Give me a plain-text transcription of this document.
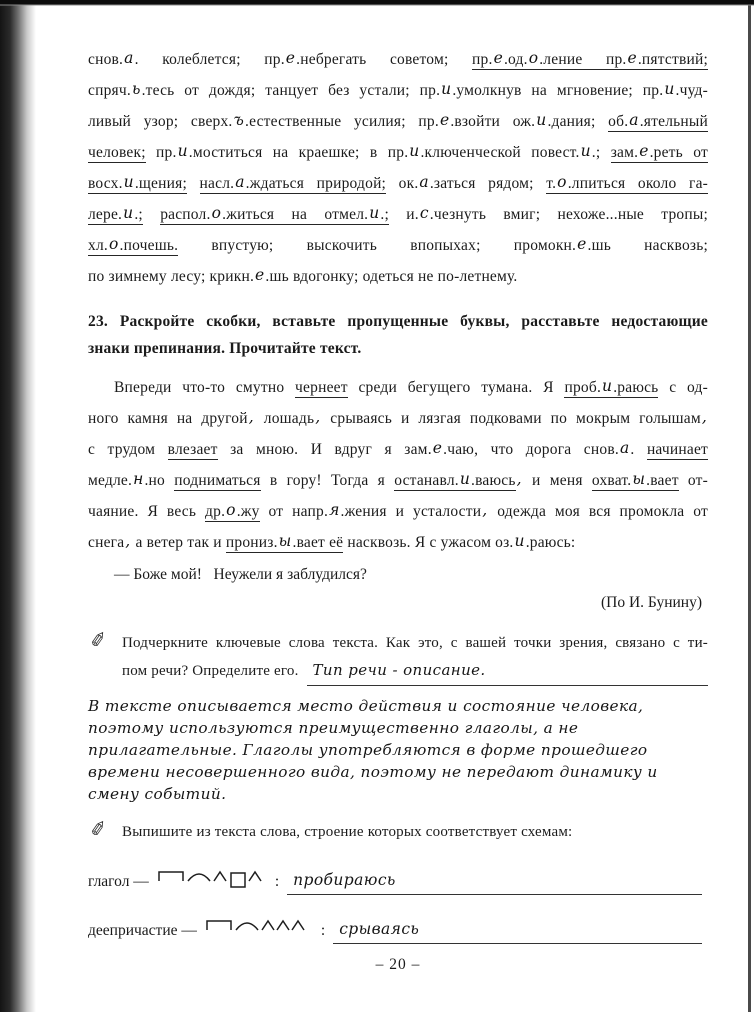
снов.а. колеблется; пр.е.небрегать советом; пр.е.од.о.ление пр.е.пятствий;
спряч.ь.тесь от дождя; танцует без устали; пр.и.умолкнув на мгновение; пр.и.чуд-
ливый узор; сверх.ъ.естественные усилия; пр.е.взойти ож.и.дания; об.а.ятельный
человек; пр.и.моститься на краешке; в пр.и.ключенческой повест.и.; зам.е.реть от
восх.и.щения; насл.а.ждаться природой; ок.а.заться рядом; т.о.лпиться около га-
лере.и.; распол.о.житься на отмел.и.; и.с.чезнуть вмиг; нехоже...ные тропы;
хл.о.почешь. впустую; выскочить впопыхах; промокн.е.шь насквозь;
по зимнему лесу; крикн.е.шь вдогонку; одеться не по-летнему.
23. Раскройте скобки, вставьте пропущенные буквы, расставьте недостающие
знаки препинания. Прочитайте текст.
Впереди что-то смутно чернеет среди бегущего тумана. Я проб.и.раюсь с од-
ного камня на другой, лошадь, срываясь и лязгая подковами по мокрым голышам,
с трудом влезает за мною. И вдруг я зам.е.чаю, что дорога снов.а. начинает
медле.н.но подниматься в гору! Тогда я останавл.и.ваюсь, и меня охват.ы.вает от-
чаяние. Я весь др.о.жу от напр.я.жения и усталости, одежда моя вся промокла от
снега, а ветер так и прониз.ы.вает её насквозь. Я с ужасом оз.и.раюсь:
— Боже мой!   Неужели я заблудился?
(По И. Бунину)
✐ Подчеркните ключевые слова текста. Как это, с вашей точки зрения, связано с ти-
пом речи? Определите его. Тип речи - описание.
В тексте описывается место действия и состояние человека, поэтому используются преимущественно глаголы, а не прилагательные. Глаголы употребляются в форме прошедшего времени несовершенного вида, поэтому не передают динамику и смену событий.
✐ Выпишите из текста слова, строение которых соответствует схемам:
глагол —	: пробираюсь
деепричастие —	: срываясь
– 20 –
